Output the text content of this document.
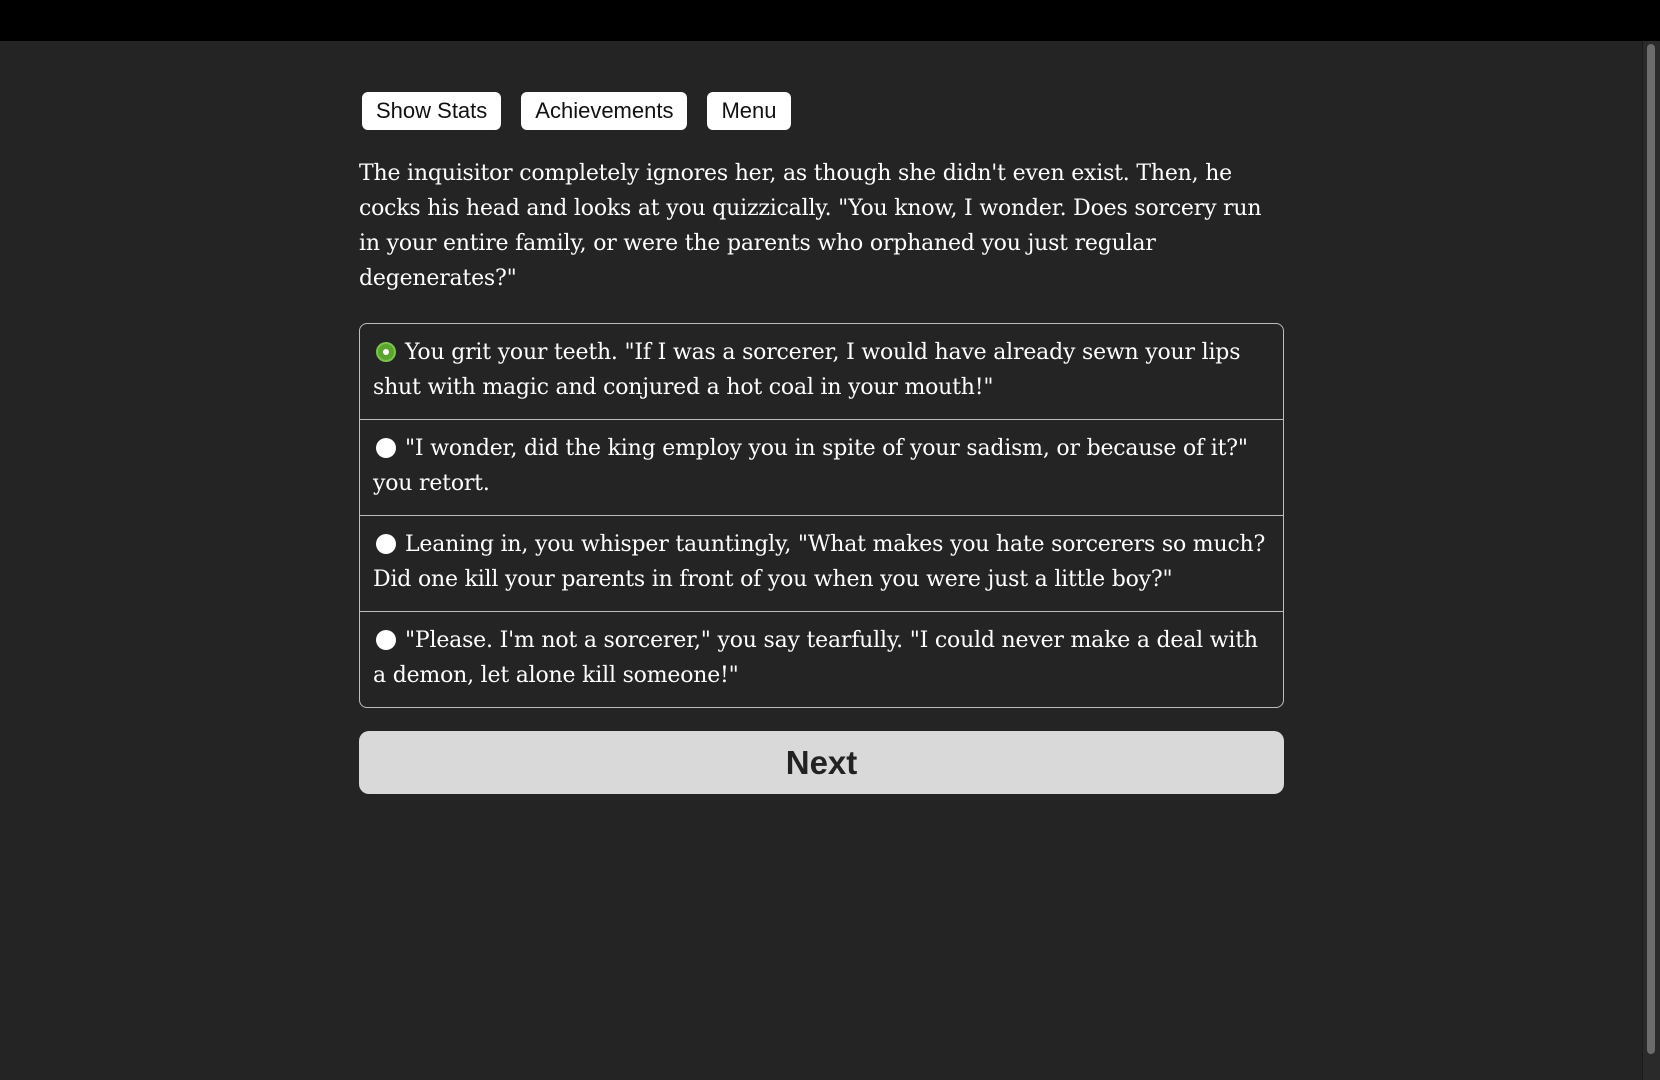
Show Stats	Achievements	Menu

The inquisitor completely ignores her, as though she didn't even exist. Then, he cocks his head and looks at you quizzically. "You know, I wonder. Does sorcery run in your entire family, or were the parents who orphaned you just regular degenerates?"

You grit your teeth. "If I was a sorcerer, I would have already sewn your lips shut with magic and conjured a hot coal in your mouth!"
"I wonder, did the king employ you in spite of your sadism, or because of it?" you retort.
Leaning in, you whisper tauntingly, "What makes you hate sorcerers so much? Did one kill your parents in front of you when you were just a little boy?"
"Please. I'm not a sorcerer," you say tearfully. "I could never make a deal with a demon, let alone kill someone!"
Next
